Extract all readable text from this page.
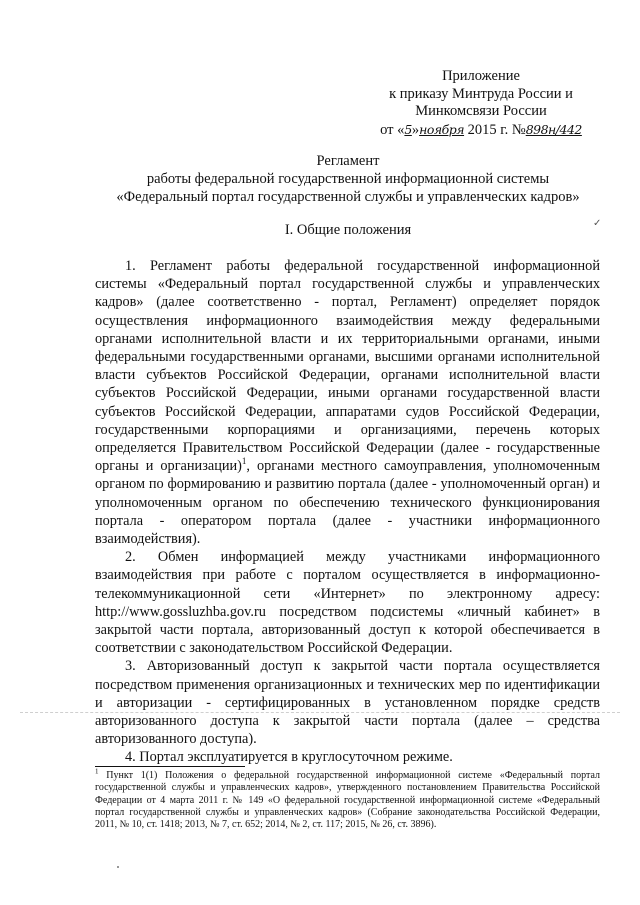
Приложение
к приказу Минтруда России и
Минкомсвязи России
от «5»ноября 2015 г. №898н/442
✓
Регламент
работы федеральной государственной информационной системы
«Федеральный портал государственной службы и управленческих кадров»
I. Общие положения

1. Регламент работы федеральной государственной информационной системы «Федеральный портал государственной службы и управленческих кадров» (далее соответственно - портал, Регламент) определяет порядок осуществления информационного взаимодействия между федеральными органами исполнительной власти и их территориальными органами, иными федеральными государственными органами, высшими органами исполнительной власти субъектов Российской Федерации, органами исполнительной власти субъектов Российской Федерации, иными органами государственной власти субъектов Российской Федерации, аппаратами судов Российской Федерации, государственными корпорациями и организациями, перечень которых определяется Правительством Российской Федерации (далее - государственные органы и организации)$^1$, органами местного самоуправления, уполномоченным органом по формированию и развитию портала (далее - уполномоченный орган) и уполномоченным органом по обеспечению технического функционирования портала - оператором портала (далее - участники информационного взаимодействия).

2. Обмен информацией между участниками информационного взаимодействия при работе с порталом осуществляется в информационно-телекоммуникационной сети «Интернет» по электронному адресу: http://www.gossluzhba.gov.ru посредством подсистемы «личный кабинет» в закрытой части портала, авторизованный доступ к которой обеспечивается в соответствии с законодательством Российской Федерации.

3. Авторизованный доступ к закрытой части портала осуществляется посредством применения организационных и технических мер по идентификации и авторизации - сертифицированных в установленном порядке средств авторизованного доступа к закрытой части портала (далее – средства авторизованного доступа).

4. Портал эксплуатируется в круглосуточном режиме.

$^1$ Пункт 1(1) Положения о федеральной государственной информационной системе «Федеральный портал государственной службы и управленческих кадров», утвержденного постановлением Правительства Российской Федерации от 4 марта 2011 г. № 149 «О федеральной государственной информационной системе «Федеральный портал государственной службы и управленческих кадров» (Собрание законодательства Российской Федерации, 2011, № 10, ст. 1418; 2013, № 7, ст. 652; 2014, № 2, ст. 117; 2015, № 26, ст. 3896).
